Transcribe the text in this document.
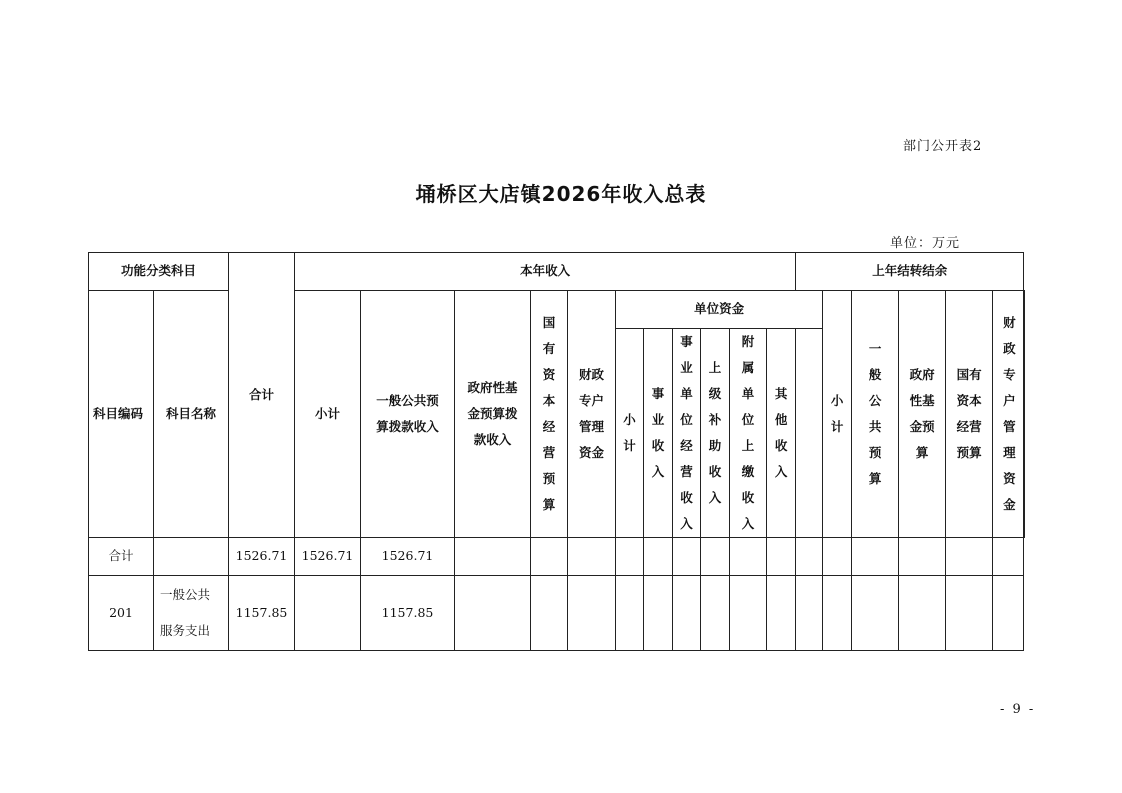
部门公开表2
埇桥区大店镇2026年收入总表
单位：万元
功能分类科目		合计	本年收入											上年结转结余						

科目编码	科目名称		小计	一般公共预算拨款收入	政府性基金预算拨款收入	国有资本经营预算	财政专户管理资金	单位资金							小计	一般公共预算	政府性基金预算	国有资本经营预算	财政专户管理资金

								小计	事业收入	事业单位经营收入	上级补助收入	附属单位上缴收入	其他收入							
合计		1526.71	1526.71	1526.71																
201	一般公共服务支出	1157.85		1157.85																
- 9 -
